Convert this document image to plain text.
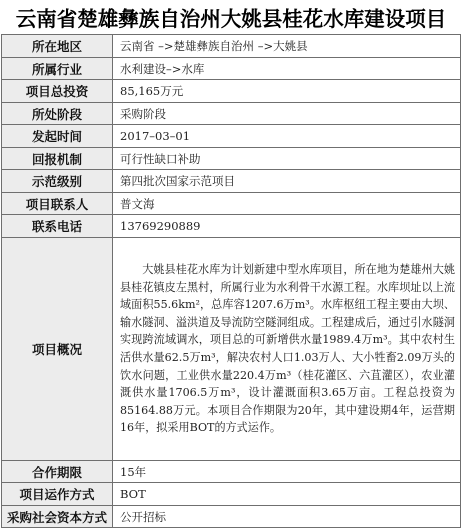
云南省楚雄彝族自治州大姚县桂花水库建设项目
所在地区	云南省 –>楚雄彝族自治州 –>大姚县
所属行业	水利建设–>水库
项目总投资	85,165万元
所处阶段	采购阶段
发起时间	2017–03–01
回报机制	可行性缺口补助
示范级别	第四批次国家示范项目
项目联系人	普文海
联系电话	13769290889
项目概况	大姚县桂花水库为计划新建中型水库项目，所在地为楚雄州大姚县桂花镇皮左黑村，所属行业为水利骨干水源工程。水库坝址以上流域面积55.6km²，总库容1207.6万m³。水库枢纽工程主要由大坝、输水隧洞、溢洪道及导流防空隧洞组成。工程建成后，通过引水隧洞实现跨流域调水，项目总的可新增供水量1989.4万m³。其中农村生活供水量62.5万m³，解决农村人口1.03万人、大小牲畜2.09万头的饮水问题，工业供水量220.4万m³（桂花灌区、六苴灌区），农业灌溉供水量1706.5万m³，设计灌溉面积3.65万亩。工程总投资为85164.88万元。本项目合作期限为20年，其中建设期4年，运营期16年，拟采用BOT的方式运作。

合作期限	15年
项目运作方式	BOT
采购社会资本方式	公开招标
